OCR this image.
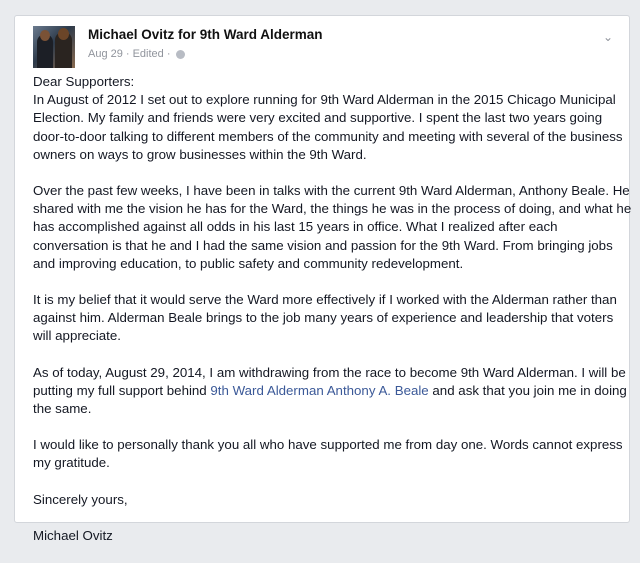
Michael Ovitz for 9th Ward Alderman
Aug 29 · Edited ·
⌄

Dear Supporters:

In August of 2012 I set out to explore running for 9th Ward Alderman in the 2015 Chicago Municipal Election. My family and friends were very excited and supportive. I spent the last two years going door-to-door talking to different members of the community and meeting with several of the business owners on ways to grow businesses within the 9th Ward.

Over the past few weeks, I have been in talks with the current 9th Ward Alderman, Anthony Beale. He shared with me the vision he has for the Ward, the things he was in the process of doing, and what he has accomplished against all odds in his last 15 years in office. What I realized after each conversation is that he and I had the same vision and passion for the 9th Ward. From bringing jobs and improving education, to public safety and community redevelopment.

It is my belief that it would serve the Ward more effectively if I worked with the Alderman rather than against him. Alderman Beale brings to the job many years of experience and leadership that voters will appreciate.

As of today, August 29, 2014, I am withdrawing from the race to become 9th Ward Alderman. I will be putting my full support behind 9th Ward Alderman Anthony A. Beale and ask that you join me in doing the same.

I would like to personally thank you all who have supported me from day one. Words cannot express my gratitude.

Sincerely yours,

Michael Ovitz
